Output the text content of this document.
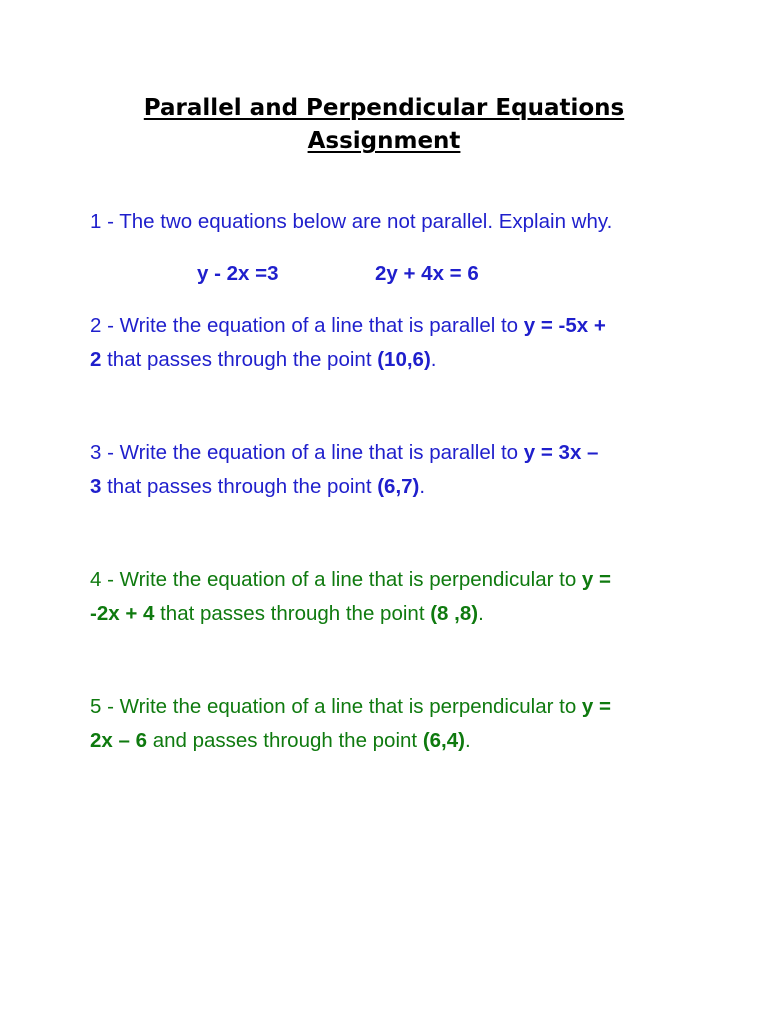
Parallel and Perpendicular Equations
Assignment

1 - The two equations below are not parallel. Explain why.

y - 2x =3	2y + 4x = 6

2 - Write the equation of a line that is parallel to y = -5x +
2 that passes through the point (10,6).

3 - Write the equation of a line that is parallel to y = 3x –
3 that passes through the point (6,7).

4 - Write the equation of a line that is perpendicular to y =
-2x + 4 that passes through the point (8 ,8).

5 - Write the equation of a line that is perpendicular to y =
2x – 6 and passes through the point (6,4).
